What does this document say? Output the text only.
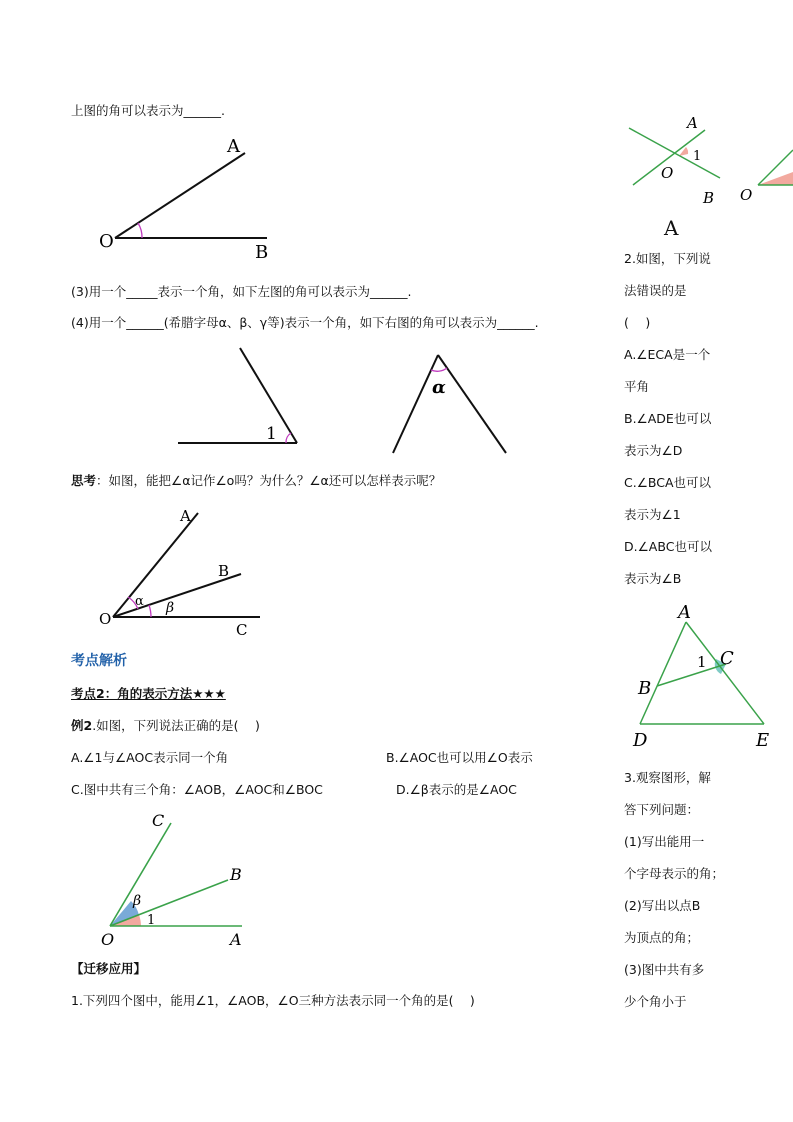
上图的角可以表示为______.
A
O
B
(3)用一个_____表示一个角，如下左图的角可以表示为______.
(4)用一个______(希腊字母α、β、γ等)表示一个角，如下右图的角可以表示为______.
1
α
思考：如图，能把∠α记作∠o吗？为什么？∠α还可以怎样表示呢？
A
B
O
C
α β
考点解析
考点2：角的表示方法★★★
例2.如图，下列说法正确的是(　 )
A.∠1与∠AOC表示同一个角	B.∠AOC也可以用∠O表示
C.图中共有三个角：∠AOB，∠AOC和∠BOC	D.∠β表示的是∠AOC
C
B
β
1
O	A
【迁移应用】
1.下列四个图中，能用∠1，∠AOB，∠O三种方法表示同一个角的是(　 )
A
1
O
B O
A
2.如图，下列说
法错误的是
(　 )
A.∠ECA是一个
平角
B.∠ADE也可以
表示为∠D
C.∠BCA也可以
表示为∠1
D.∠ABC也可以
表示为∠B
A
1 C
B
D	E
3.观察图形，解
答下列问题：
(1)写出能用一
个字母表示的角；
(2)写出以点B
为顶点的角；
(3)图中共有多
少个角小于
